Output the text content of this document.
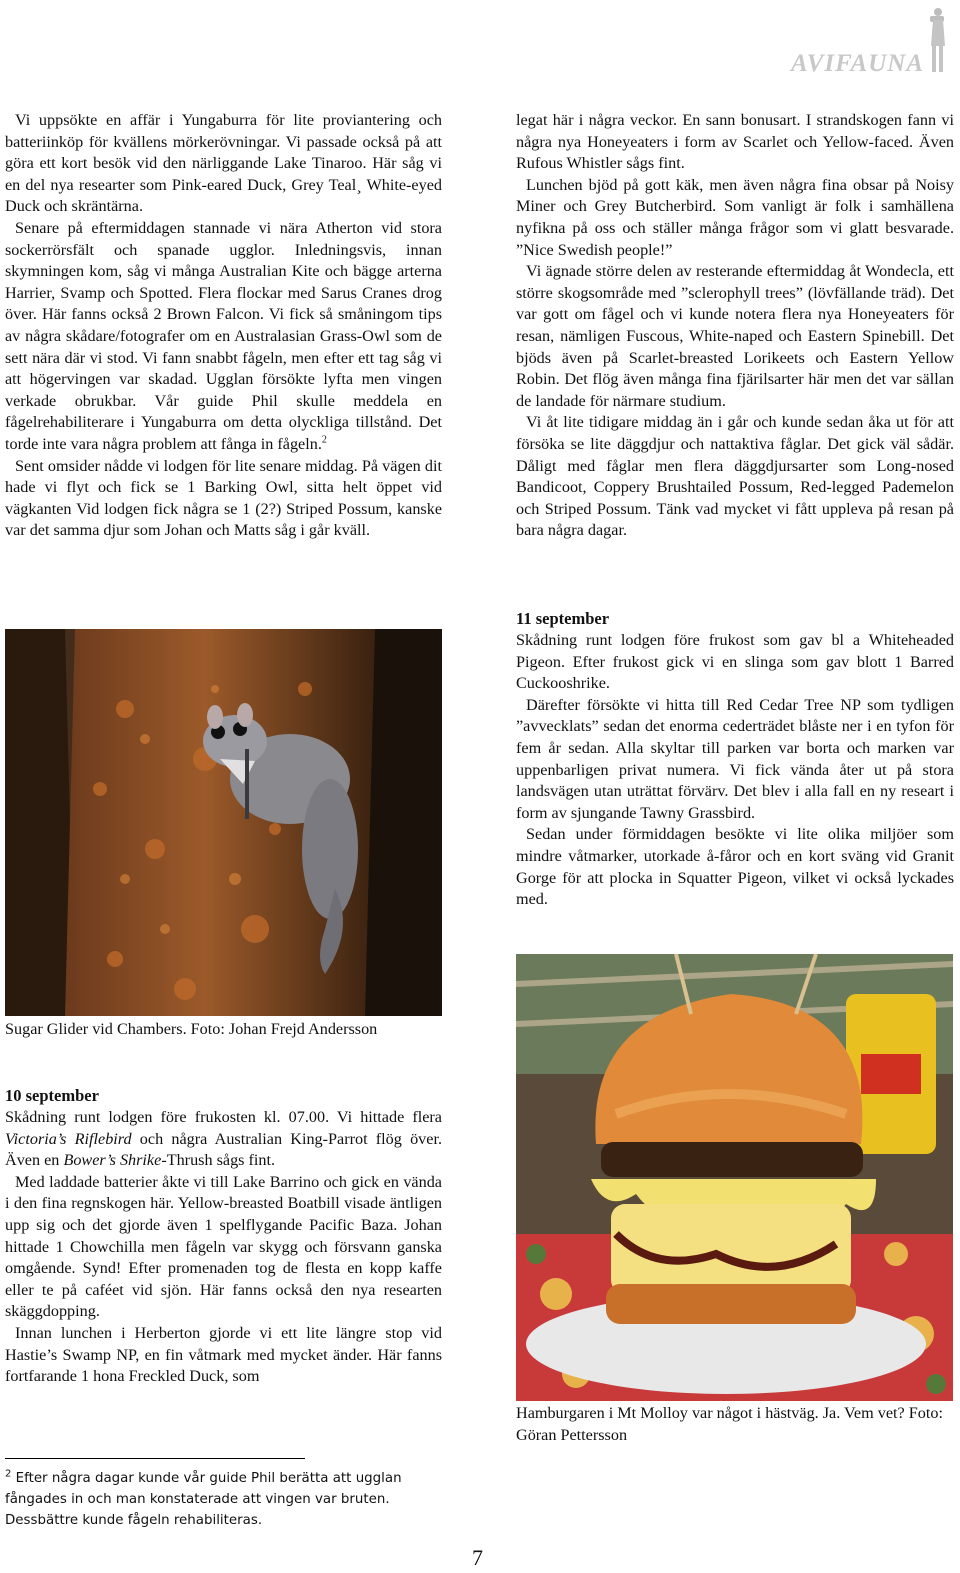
AVIFAUNA

Vi uppsökte en affär i Yungaburra för lite proviantering och batteriinköp för kvällens mörkerövningar. Vi passade också på att göra ett kort besök vid den närliggande Lake Tinaroo. Här såg vi en del nya researter som Pink-eared Duck, Grey Teal¸ White-eyed Duck och skräntärna.

Senare på eftermiddagen stannade vi nära Atherton vid stora sockerrörsfält och spanade ugglor. Inledningsvis, innan skymningen kom, såg vi många Australian Kite och bägge arterna Harrier, Svamp och Spotted. Flera flockar med Sarus Cranes drog över. Här fanns också 2 Brown Falcon. Vi fick så småningom tips av några skådare/fotografer om en Australasian Grass-Owl som de sett nära där vi stod. Vi fann snabbt fågeln, men efter ett tag såg vi att högervingen var skadad. Ugglan försökte lyfta men vingen verkade obrukbar. Vår guide Phil skulle meddela en fågelrehabiliterare i Yungaburra om detta olyckliga tillstånd. Det torde inte vara några problem att fånga in fågeln.$^2$

Sent omsider nådde vi lodgen för lite senare middag. På vägen dit hade vi flyt och fick se 1 Barking Owl, sitta helt öppet vid vägkanten Vid lodgen fick några se 1 (2?) Striped Possum, kanske var det samma djur som Johan och Matts såg i går kväll.

Sugar Glider vid Chambers. Foto: Johan Frejd Andersson
10 september

Skådning runt lodgen före frukosten kl. 07.00. Vi hittade flera Victoria’s Riflebird och några Australian King-Parrot flög över. Även en Bower’s Shrike-Thrush sågs fint.

Med laddade batterier åkte vi till Lake Barrino och gick en vända i den fina regnskogen här. Yellow-breasted Boatbill visade äntligen upp sig och det gjorde även 1 spelflygande Pacific Baza. Johan hittade 1 Chowchilla men fågeln var skygg och försvann ganska omgående. Synd! Efter promenaden tog de flesta en kopp kaffe eller te på caféet vid sjön. Här fanns också den nya researten skäggdopping.

Innan lunchen i Herberton gjorde vi ett lite längre stop vid Hastie’s Swamp NP, en fin våtmark med mycket änder. Här fanns fortfarande 1 hona Freckled Duck, som

legat här i några veckor. En sann bonusart. I strandskogen fann vi några nya Honeyeaters i form av Scarlet och Yellow-faced. Även Rufous Whistler sågs fint.

Lunchen bjöd på gott käk, men även några fina obsar på Noisy Miner och Grey Butcherbird. Som vanligt är folk i samhällena nyfikna på oss och ställer många frågor som vi glatt besvarade. ”Nice Swedish people!”

Vi ägnade större delen av resterande eftermiddag åt Wondecla, ett större skogsområde med ”sclerophyll trees” (lövfällande träd). Det var gott om fågel och vi kunde notera flera nya Honeyeaters för resan, nämligen Fuscous, White-naped och Eastern Spinebill. Det bjöds även på Scarlet-breasted Lorikeets och Eastern Yellow Robin. Det flög även många fina fjärilsarter här men det var sällan de landade för närmare studium.

Vi åt lite tidigare middag än i går och kunde sedan åka ut för att försöka se lite däggdjur och nattaktiva fåglar. Det gick väl sådär. Dåligt med fåglar men flera däggdjursarter som Long-nosed Bandicoot, Coppery Brushtailed Possum, Red-legged Pademelon och Striped Possum. Tänk vad mycket vi fått uppleva på resan på bara några dagar.

11 september

Skådning runt lodgen före frukost som gav bl a Whiteheaded Pigeon. Efter frukost gick vi en slinga som gav blott 1 Barred Cuckooshrike.

Därefter försökte vi hitta till Red Cedar Tree NP som tydligen ”avvecklats” sedan det enorma cederträdet blåste ner i en tyfon för fem år sedan. Alla skyltar till parken var borta och marken var uppenbarligen privat numera. Vi fick vända åter ut på stora landsvägen utan uträttat förvärv. Det blev i alla fall en ny researt i form av sjungande Tawny Grassbird.

Sedan under förmiddagen besökte vi lite olika miljöer som mindre våtmarker, utorkade å-fåror och en kort sväng vid Granit Gorge för att plocka in Squatter Pigeon, vilket vi också lyckades med.

Hamburgaren i Mt Molloy var något i hästväg. Ja. Vem vet? Foto: Göran Pettersson
$^2$ Efter några dagar kunde vår guide Phil berätta att ugglan fångades in och man konstaterade att vingen var bruten. Dessbättre kunde fågeln rehabiliteras.
7
